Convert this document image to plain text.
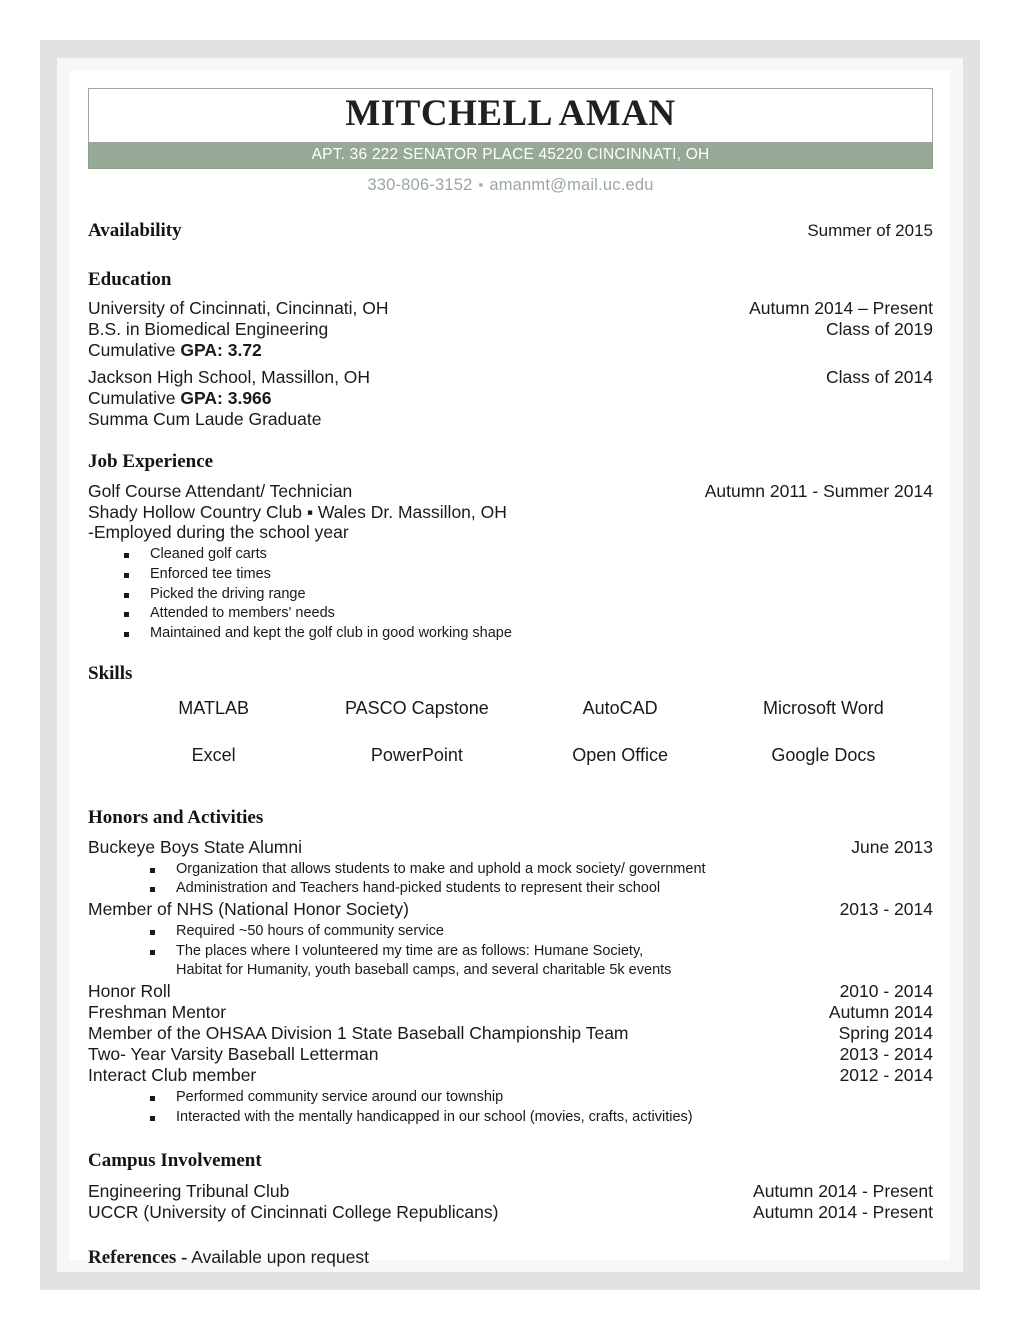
MITCHELL AMAN
APT. 36 222 SENATOR PLACE 45220 CINCINNATI, OH
330-806-3152 ▪ amanmt@mail.uc.edu
Availability	Summer of 2015
Education
University of Cincinnati, Cincinnati, OH	Autumn 2014 – Present
B.S. in Biomedical Engineering	Class of 2019
Cumulative GPA: 3.72
Jackson High School, Massillon, OH	Class of 2014
Cumulative GPA: 3.966
Summa Cum Laude Graduate
Job Experience
Golf Course Attendant/ Technician	Autumn 2011 - Summer 2014
Shady Hollow Country Club ▪ Wales Dr. Massillon, OH
-Employed during the school year
Cleaned golf carts
Enforced tee times
Picked the driving range
Attended to members' needs
Maintained and kept the golf club in good working shape
Skills
MATLAB	PASCO Capstone	AutoCAD	Microsoft Word
Excel	PowerPoint	Open Office	Google Docs
Honors and Activities
Buckeye Boys State Alumni	June 2013
Organization that allows students to make and uphold a mock society/ government
Administration and Teachers hand-picked students to represent their school
Member of NHS (National Honor Society)	2013 - 2014
Required ~50 hours of community service
The places where I volunteered my time are as follows: Humane Society,
Habitat for Humanity, youth baseball camps, and several charitable 5k events
Honor Roll	2010 - 2014
Freshman Mentor	Autumn 2014
Member of the OHSAA Division 1 State Baseball Championship Team	Spring 2014
Two- Year Varsity Baseball Letterman	2013 - 2014
Interact Club member	2012 - 2014
Performed community service around our township
Interacted with the mentally handicapped in our school (movies, crafts, activities)
Campus Involvement
Engineering Tribunal Club	Autumn 2014 - Present
UCCR (University of Cincinnati College Republicans)	Autumn 2014 - Present
References - Available upon request
